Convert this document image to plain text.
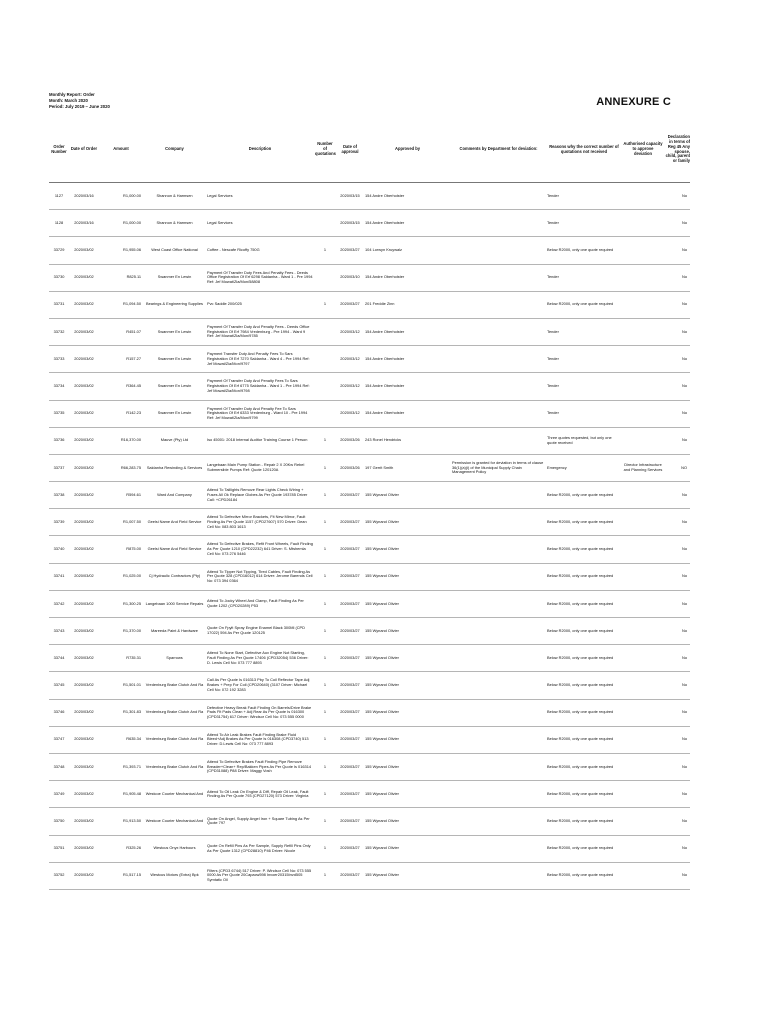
Monthly Report: Order
Month: March 2020
Period: July 2019 – June 2020	ANNEXURE C
Order Number	Date of Order	Amount	Company	Description	Number of quotations	Date of approval	Approved by	Comments by Department for deviation:	Reasons why the correct number of quotations not received	Authorised capacity to approve deviation	Declaration in terms of Reg 45 Any spouse, child, parent or family
1127	2020/03/16	R1,000.00	Shannon & Harmsen	Legal Services		2020/03/15	154 Andre Oberholster		Tender		No
1128	2020/03/16	R1,000.00	Shannon & Harmsen	Legal Services		2020/03/15	154 Andre Oberholster		Tender		No
33729	2020/03/02	R1,955.06	West Coast Office National	Coffee - Nescafe Ricoffy 750G	1	2020/03/27	104 Lorwyn Kruywalz		Below R2000, only one quote required		No
33730	2020/03/02	R825.11	Swanmer En Lewin	Payment Of Transfer Duty Fees And Penalty Fees - Deeds Office Registration Of Erf 6298 Saldanha - Ward 1 - Pre 1994 Ref: Jef Mowat/Zia/Mon/58808		2020/03/10	154 Andre Oberholster		Tender		No
33731	2020/03/02	R1,094.50	Bearings & Engineering Supplies	Pvc Saddle 200/025	1	2020/03/27	201 Freddie Zinn		Below R2000, only one quote required		No
33732	2020/03/02	R451.07	Swanmer En Lewin	Payment Of Transfer Duty And Penalty Fees - Deeds Office Registration Of Erf 7984 Vredenburg - Pre 1994 - Ward 9 Ref: Jef Mowat/Zia/Mon/9785		2020/03/12	154 Andre Oberholster		Tender		No
33733	2020/03/02	R157.27	Swanmer En Lewin	Payment Transfer Duty And Penalty Fees To Sars Registration Of Erf 7270 Saldanha - Ward 4 - Pre 1994 Ref: Jef Mowat/Zia/Mon/9797		2020/03/12	154 Andre Oberholster		Tender		No
33734	2020/03/02	R364.45	Swanmer En Lewin	Payment Of Transfer Duty And Penalty Fees To Sars Registration Of Erf 6775 Saldanha - Ward 1 - Pre 1994 Ref: Jef Mowat/Zia/Mon/9798		2020/03/12	154 Andre Oberholster		Tender		No
33735	2020/03/02	R142.23	Swanmer En Lewin	Payment Of Transfer Duty And Penalty Fee To Sars Registration Of Erf 6333 Vredenburg - Ward 10 - Pre 1994 Ref: Jef Mowat/Zia/Mon/9799		2020/03/12	154 Andre Oberholster		Tender		No
33736	2020/03/02	R16,370.00	Mauve (Pty) Ltd	Iso 45001: 2018 Internal Auditor Training Course 1 Person	1	2020/03/26	243 Ronel Hendricks		Three quotes requested, but only one quote received		No
33737	2020/03/02	R66,283.75	Saldanha Rewinding & Services	Langebaan Main Pump Station - Repair 2 X 20Kw Rebel Submersible Pumps Ref: Quote 120120A	1	2020/03/26	197 Gerrit Smith	Permission is granted for deviation in terms of clause 36(1)(a)(i) of the Municipal Supply Chain Management Policy	Emergency	Director Infrastructure and Planning Services	NO
33738	2020/03/02	R594.61	Ward And Company	Attend To Taillights Remove Rear Lights Check Wiring + Fuses All Ok Replace Globes As Per Quote 193785 Driver Call: +CPD26184	1	2020/03/27	155 Wynand Olivier		Below R2000, only one quote required		No
33739	2020/03/02	R1,007.50	Geelsi Name And Field Service	Attend To Defective Mirror Brackets, Fit New Mirror, Fault Finding As Per Quote 1157 (CPD27607) 570 Driver: Dean Cell No: 083 803 1613	1	2020/03/27	155 Wynand Olivier		Below R2000, only one quote required		No
33740	2020/03/02	R875.00	Geelsi Name And Field Service	Attend To Defective Brakes, Refit Front Wheels, Fault Finding As Per Quote 1210 (CPD22232) 641 Driver: S. Mtshemla Cell No: 073 276 5446	1	2020/03/27	155 Wynand Olivier		Below R2000, only one quote required		No
33741	2020/03/02	R1,025.00	Cj Hydraulic Contractors (Pty)	Attend To Tipper Not Tipping, Tired Cables, Fault Finding As Per Quote 328 (CPD16012) 614 Driver: Jerome Barends Cell No: 073 394 0364	1	2020/03/27	155 Wynand Olivier		Below R2000, only one quote required		No
33742	2020/03/02	R1,300.25	Langebaan 1000 Service Repairs	Attend To Jocky Wheel And Clamp, Fault Finding As Per Quote 1202 (CPD20289) P53	1	2020/03/27	155 Wynand Olivier		Below R2000, only one quote required		No
33743	2020/03/02	R1,370.00	Mareeda Paint & Hardware	Quote On Fpylt Spray Engine Enamel Black 300Ml (CPD 17022) 594 As Per Quote 120125	1	2020/03/27	155 Wynand Olivier		Below R2000, only one quote required		No
33744	2020/03/02	R735.31	Sparrows	Attend To None Start, Defective Aux Engine Not Starting, Fault Finding As Per Quote 17406 (CPD32054) 536 Driver: D. Lewis Cell No: 073 777 8893	1	2020/03/27	155 Wynand Olivier		Below R2000, only one quote required		No
33745	2020/03/02	R1,501.01	Vredenburg Brake Clutch And Ra	Call As Per Quote Is 016313 Pby To Coil Reflector Tape Adj Brakes + Prep For Coil (CPD20640) (3107 Driver: Michael Cell No: 072 192 3283	1	2020/03/27	155 Wynand Olivier		Below R2000, only one quote required		No
33746	2020/03/02	R1,301.83	Vredenburg Brake Clutch And Ra	Defective Heavy Break Fault Finding On Barrels/Drive Brake Pads Fit Pads Clean + Adj Rear As Per Quote Is 016300 (CPD31754) 617 Driver: Windsor Cell No: 073 555 0000	1	2020/03/27	155 Wynand Olivier		Below R2000, only one quote required		No
33747	2020/03/02	R635.34	Vredenburg Brake Clutch And Ra	Attend To Air Leak Brakes Fault Finding Brake Fluid Bleed+Adj Brakes As Per Quote Is 016308 (CPD3740) 513 Driver: D.Lewis Cell No: 073 777 8893	1	2020/03/27	155 Wynand Olivier		Below R2000, only one quote required		No
33748	2020/03/02	R1,393.71	Vredenburg Brake Clutch And Ra	Attend To Defective Brakes Fault Finding Pipe Remove Breader+Clean+ Rep/Bakken Pipes As Per Quote Is 016314 (CPD31088) P88 Driver: Maggy Vosh	1	2020/03/27	155 Wynand Olivier		Below R2000, only one quote required		No
33749	2020/03/02	R1,905.48	Westcoe Courier Mechanical And	Attend To Oil Leak On Engine & Diff, Repair Oil Leak, Fault Finding As Per Quote 793 (CPD27120) 573 Driver: Virginia	1	2020/03/27	155 Wynand Olivier		Below R2000, only one quote required		No
33750	2020/03/02	R1,913.50	Westcoe Courier Mechanical And	Quote On Angel, Supply Angel Iron + Square Tubing As Per Quote 797	1	2020/03/27	155 Wynand Olivier		Below R2000, only one quote required		No
33751	2020/03/02	R325.26	Westcus Onyx Harbours	Quote On Refill Pins As Per Sample, Supply Refill Pins Only As Per Quote 1312 (CPD28810) P46 Driver: Nicole	1	2020/03/27	155 Wynand Olivier		Below R2000, only one quote required		No
33752	2020/03/02	R1,517.15	Westcus Motors (Extra) Bpk	Filters (CPD3 6744) 517 Driver: P. Windsor Cell No: 073 555 0000 As Per Quote 20Capacw598 Invoer20315Invd505 Symtatic Oil	1	2020/03/27	155 Wynand Olivier		Below R2000, only one quote required		No
